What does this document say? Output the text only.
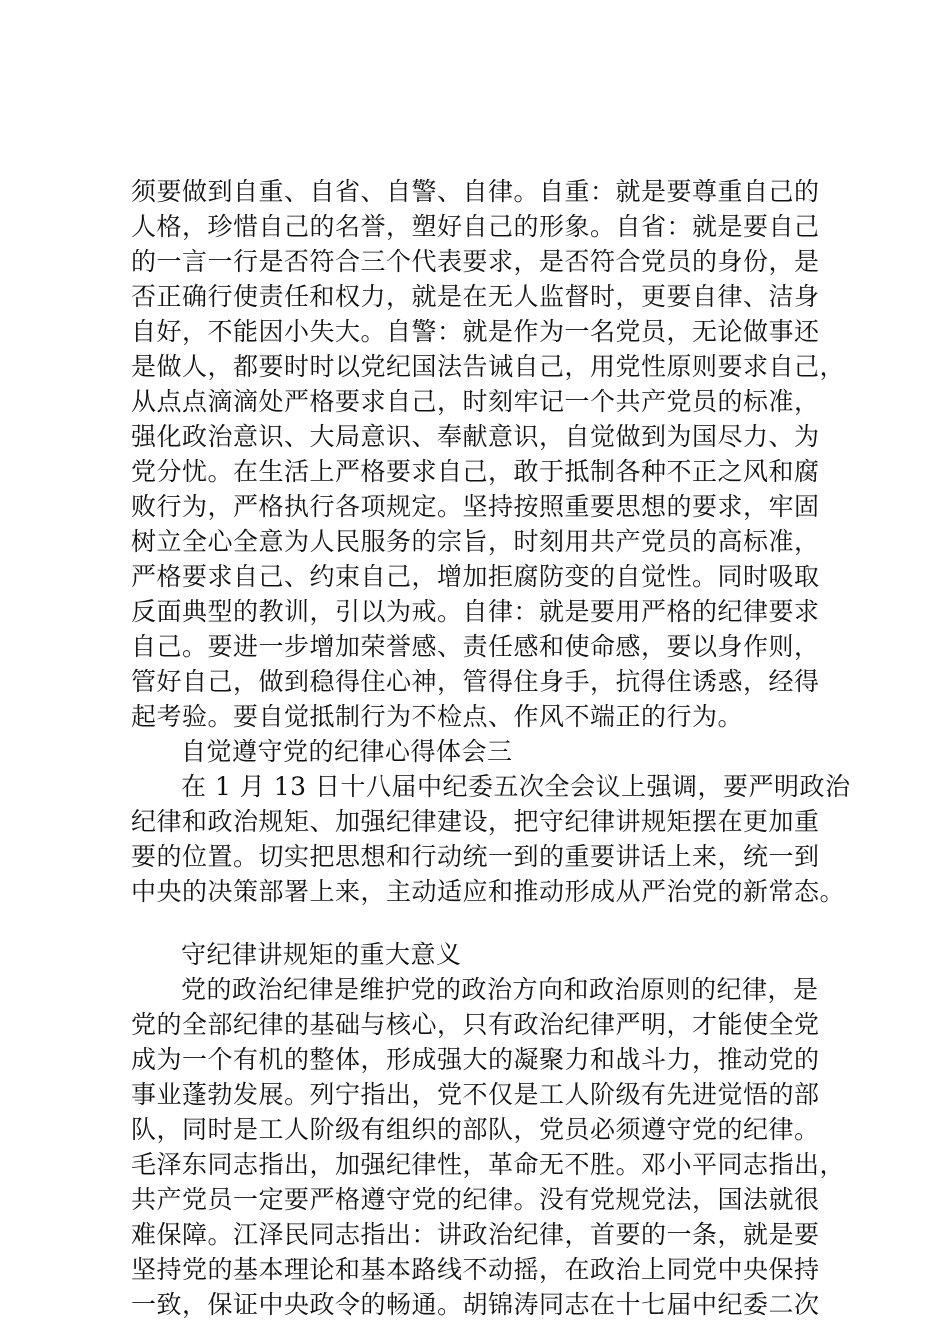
须要做到自重、自省、自警、自律。自重：就是要尊重自己的
人格，珍惜自己的名誉，塑好自己的形象。自省：就是要自己
的一言一行是否符合三个代表要求，是否符合党员的身份，是
否正确行使责任和权力，就是在无人监督时，更要自律、洁身
自好，不能因小失大。自警：就是作为一名党员，无论做事还
是做人，都要时时以党纪国法告诫自己，用党性原则要求自己，
从点点滴滴处严格要求自己，时刻牢记一个共产党员的标准，
强化政治意识、大局意识、奉献意识，自觉做到为国尽力、为
党分忧。在生活上严格要求自己，敢于抵制各种不正之风和腐
败行为，严格执行各项规定。坚持按照重要思想的要求，牢固
树立全心全意为人民服务的宗旨，时刻用共产党员的高标准，
严格要求自己、约束自己，增加拒腐防变的自觉性。同时吸取
反面典型的教训，引以为戒。自律：就是要用严格的纪律要求
自己。要进一步增加荣誉感、责任感和使命感，要以身作则，
管好自己，做到稳得住心神，管得住身手，抗得住诱惑，经得
起考验。要自觉抵制行为不检点、作风不端正的行为。
自觉遵守党的纪律心得体会三
在 1 月 13 日十八届中纪委五次全会议上强调，要严明政治
纪律和政治规矩、加强纪律建设，把守纪律讲规矩摆在更加重
要的位置。切实把思想和行动统一到的重要讲话上来，统一到
中央的决策部署上来，主动适应和推动形成从严治党的新常态。
守纪律讲规矩的重大意义
党的政治纪律是维护党的政治方向和政治原则的纪律，是
党的全部纪律的基础与核心，只有政治纪律严明，才能使全党
成为一个有机的整体，形成强大的凝聚力和战斗力，推动党的
事业蓬勃发展。列宁指出，党不仅是工人阶级有先进觉悟的部
队，同时是工人阶级有组织的部队，党员必须遵守党的纪律。
毛泽东同志指出，加强纪律性，革命无不胜。邓小平同志指出，
共产党员一定要严格遵守党的纪律。没有党规党法，国法就很
难保障。江泽民同志指出：讲政治纪律，首要的一条，就是要
坚持党的基本理论和基本路线不动摇，在政治上同党中央保持
一致，保证中央政令的畅通。胡锦涛同志在十七届中纪委二次
